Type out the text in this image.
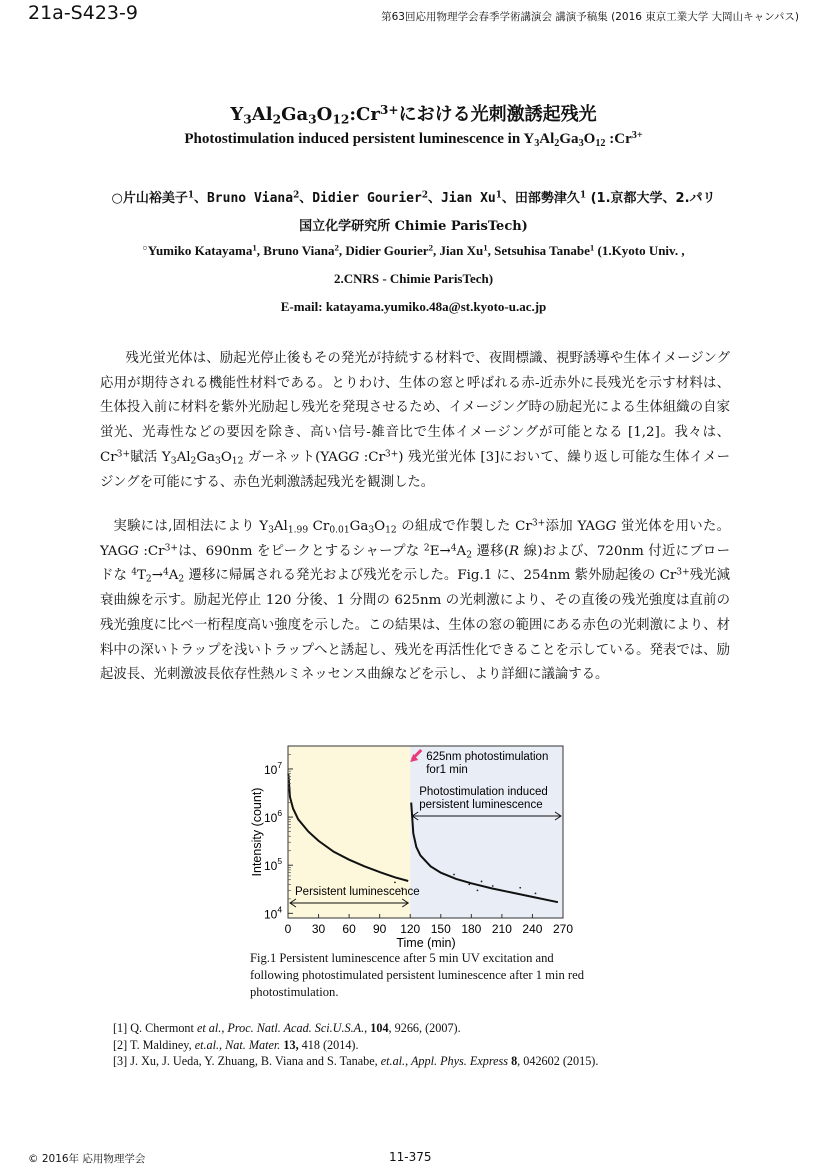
21a-S423-9	第63回応用物理学会春季学術講演会 講演予稿集 (2016 東京工業大学 大岡山キャンパス)
$Y_3Al_2Ga_3O_{12}:Cr^{3+}$における光刺激誘起残光
Photostimulation induced persistent luminescence in $Y_3Al_2Ga_3O_{12}$ $:Cr^{3+}$
○片山裕美子$^1$、Bruno Viana$^2$、Didier Gourier$^2$、Jian Xu$^1$、田部勢津久$^1$ (1.京都大学、2.パリ
国立化学研究所 Chimie ParisTech)
○Yumiko Katayama$^1$, Bruno Viana$^2$, Didier Gourier$^2$, Jian Xu$^1$, Setsuhisa Tanabe$^1$ (1.Kyoto Univ. ,
2.CNRS - Chimie ParisTech)
E-mail: katayama.yumiko.48a@st.kyoto-u.ac.jp
残光蛍光体は、励起光停止後もその発光が持続する材料で、夜間標識、視野誘導や生体イメージング応用が期待される機能性材料である。とりわけ、生体の窓と呼ばれる赤-近赤外に長残光を示す材料は、生体投入前に材料を紫外光励起し残光を発現させるため、イメージング時の励起光による生体組織の自家蛍光、光毒性などの要因を除き、高い信号-雑音比で生体イメージングが可能となる [1,2]。我々は、$Cr^{3+}$賦活 $Y_3Al_2Ga_3O_{12}$ ガーネット(YAGG $:Cr^{3+}$) 残光蛍光体 [3]において、繰り返し可能な生体イメージングを可能にする、赤色光刺激誘起残光を観測した。
実験には,固相法により $Y_3Al_{1.99}$ $Cr_{0.01}Ga_3O_{12}$ の組成で作製した $Cr^{3+}$添加 YAGG 蛍光体を用いた。YAGG $:Cr^{3+}$は、690nm をピークとするシャープな $^2E\to^4A_2$ 遷移(R 線)および、720nm 付近にブロードな $^4T_2\to^4A_2$ 遷移に帰属される発光および残光を示した。Fig.1 に、254nm 紫外励起後の $Cr^{3+}$残光減衰曲線を示す。励起光停止 120 分後、1 分間の 625nm の光刺激により、その直後の残光強度は直前の残光強度に比べ一桁程度高い強度を示した。この結果は、生体の窓の範囲にある赤色の光刺激により、材料中の深いトラップを浅いトラップへと誘起し、残光を再活性化できることを示している。発表では、励起波長、光刺激波長依存性熱ルミネッセンス曲線などを示し、より詳細に議論する。
0 30 60 90 120 150 180 210 240 270
$10^4$
$10^5$
$10^6$
$10^7$
Time (min)
Intensity (count)
625nm photostimulation
for1 min
Photostimulation induced
persistent luminescence
Persistent luminescence
Fig.1 Persistent luminescence after 5 min UV excitation and following photostimulated persistent luminescence after 1 min red photostimulation.
[1] Q. Chermont et al., Proc. Natl. Acad. Sci.U.S.A., 104, 9266, (2007).
[2] T. Maldiney, et.al., Nat. Mater. 13, 418 (2014).
[3] J. Xu, J. Ueda, Y. Zhuang, B. Viana and S. Tanabe, et.al., Appl. Phys. Express 8, 042602 (2015).
© 2016年 応用物理学会	11-375
